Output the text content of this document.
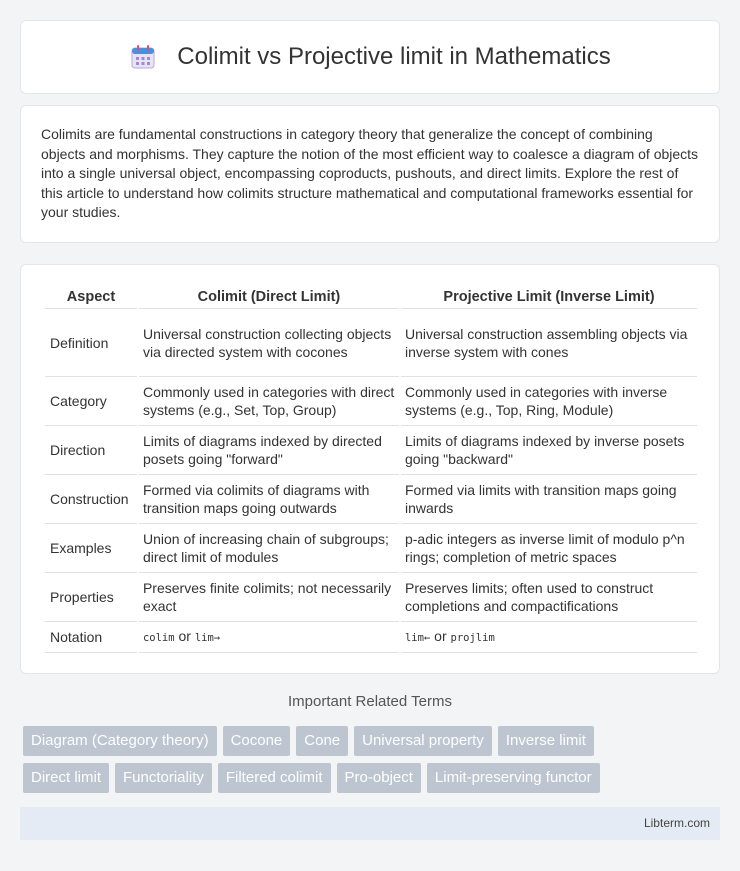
Colimit vs Projective limit in Mathematics

Colimits are fundamental constructions in category theory that generalize the concept of combining objects and morphisms. They capture the notion of the most efficient way to coalesce a diagram of objects into a single universal object, encompassing coproducts, pushouts, and direct limits. Explore the rest of this article to understand how colimits structure mathematical and computational frameworks essential for your studies.

Aspect	Colimit (Direct Limit)	Projective Limit (Inverse Limit)
Definition	Universal construction collecting objects via directed system with cocones	Universal construction assembling objects via inverse system with cones
Category	Commonly used in categories with direct systems (e.g., Set, Top, Group)	Commonly used in categories with inverse systems (e.g., Top, Ring, Module)
Direction	Limits of diagrams indexed by directed posets going "forward"	Limits of diagrams indexed by inverse posets going "backward"
Construction	Formed via colimits of diagrams with transition maps going outwards	Formed via limits with transition maps going inwards
Examples	Union of increasing chain of subgroups; direct limit of modules	p-adic integers as inverse limit of modulo p^n rings; completion of metric spaces
Properties	Preserves finite colimits; not necessarily exact	Preserves limits; often used to construct completions and compactifications
Notation	colim or lim→	lim← or projlim
Important Related Terms
Diagram (Category theory)	Cocone	Cone	Universal property	Inverse limit
Direct limit	Functoriality	Filtered colimit	Pro-object	Limit-preserving functor
Libterm.com
